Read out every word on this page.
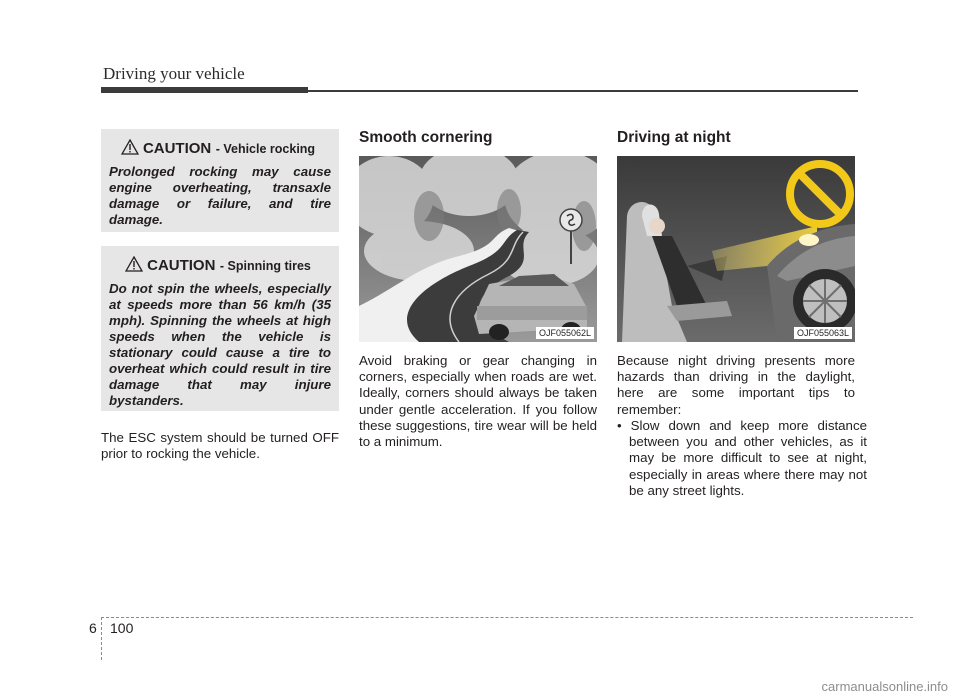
Driving your vehicle
CAUTION - Vehicle rocking
Prolonged rocking may cause engine overheating, transaxle damage or failure, and tire damage.
CAUTION - Spinning tires
Do not spin the wheels, especially at speeds more than 56 km/h (35 mph). Spinning the wheels at high speeds when the vehicle is stationary could cause a tire to overheat which could result in tire damage that may injure bystanders.
The ESC system should be turned OFF prior to rocking the vehicle.
Smooth cornering
OJF055062L
Avoid braking or gear changing in corners, especially when roads are wet. Ideally, corners should always be taken under gentle acceleration. If you follow these suggestions, tire wear will be held to a minimum.
Driving at night
OJF055063L
Because night driving presents more hazards than driving in the daylight, here are some important tips to remember:
• Slow down and keep more distance between you and other vehicles, as it may be more difficult to see at night, especially in areas where there may not be any street lights.
6 100
carmanualsonline.info
